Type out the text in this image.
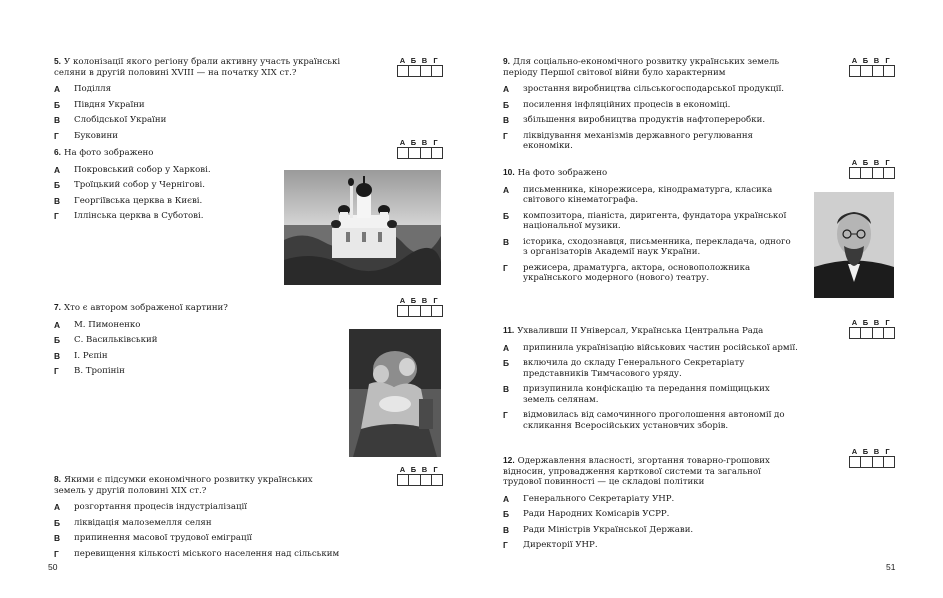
5. У колонізації якого регіону брали активну участь українські селяни в другій половині XVIII — на початку XIX ст.?
А	Поділля
Б	Півдня України
В	Слобідської України
Г	Буковини
А Б В Г
6. На фото зображено
А	Покровський собор у Харкові.
Б	Троїцький собор у Чернігові.
В	Георгіївська церква в Києві.
Г	Іллінська церква в Суботові.
А Б В Г
7. Хто є автором зображеної картини?
А	М. Пимоненко
Б	С. Васильківський
В	І. Рєпін
Г	В. Тропінін
А Б В Г
8. Якими є підсумки економічного розвитку українських земель у другій половині XIX ст.?
А	розгортання процесів індустріалізації
Б	ліквідація малоземелля селян
В	припинення масової трудової еміграції
Г	перевищення кількості міського населення над сільським
А Б В Г
50
9. Для соціально-економічного розвитку українських земель періоду Першої світової війни було характерним
А	зростання виробництва сільськогосподарської продукції.
Б	посилення інфляційних процесів в економіці.
В	збільшення виробництва продуктів нафтопереробки.
Г	ліквідування механізмів державного регулювання економіки.
А Б В Г
10. На фото зображено
А	письменника, кінорежисера, кінодраматурга, класика світового кінематографа.
Б	композитора, піаніста, диригента, фундатора української національної музики.
В	історика, сходознавця, письменника, перекладача, одного з організаторів Академії наук України.
Г	режисера, драматурга, актора, основоположника українського модерного (нового) театру.
А Б В Г
11. Ухваливши ІІ Універсал, Українська Центральна Рада
А	припинила українізацію військових частин російської армії.
Б	включила до складу Генерального Секретаріату представників Тимчасового уряду.
В	призупинила конфіскацію та передання поміщицьких земель селянам.
Г	відмовилась від самочинного проголошення автономії до скликання Всеросійських установчих зборів.
А Б В Г
12. Одержавлення власності, згортання товарно-грошових відносин, упровадження карткової системи та загальної трудової повинності — це складові політики
А	Генерального Секретаріату УНР.
Б	Ради Народних Комісарів УСРР.
В	Ради Міністрів Української Держави.
Г	Директорії УНР.
А Б В Г
51
